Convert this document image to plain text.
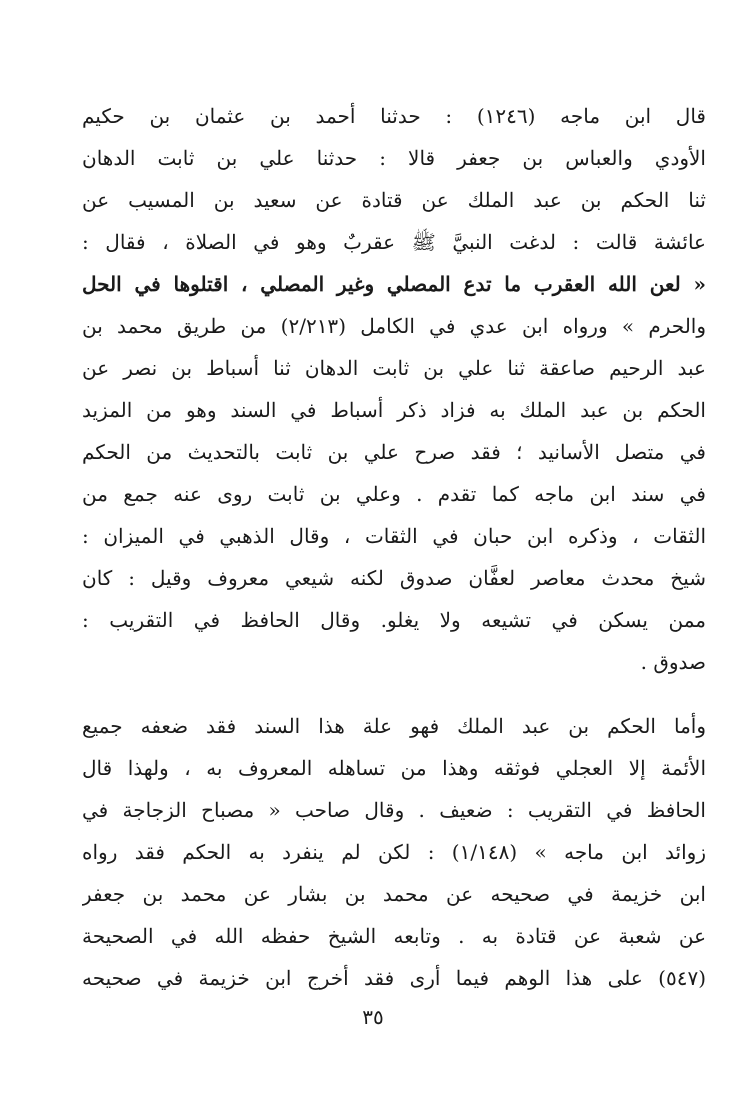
قال ابن ماجه (١٢٤٦) : حدثنا أحمد بن عثمان بن حكيم
الأودي والعباس بن جعفر قالا : حدثنا علي بن ثابت الدهان
ثنا الحكم بن عبد الملك عن قتادة عن سعيد بن المسيب عن
عائشة قالت : لدغت النبيَّ ﷺ عقربٌ وهو في الصلاة ، فقال :
« لعن الله العقرب ما تدع المصلي وغير المصلي ، اقتلوها في الحل
والحرم » ورواه ابن عدي في الكامل (٢/٢١٣) من طريق محمد بن
عبد الرحيم صاعقة ثنا علي بن ثابت الدهان ثنا أسباط بن نصر عن
الحكم بن عبد الملك به فزاد ذكر أسباط في السند وهو من المزيد
في متصل الأسانيد ؛ فقد صرح علي بن ثابت بالتحديث من الحكم
في سند ابن ماجه كما تقدم . وعلي بن ثابت روى عنه جمع من
الثقات ، وذكره ابن حبان في الثقات ، وقال الذهبي في الميزان :
شيخ محدث معاصر لعفَّان صدوق لكنه شيعي معروف وقيل : كان
ممن يسكن في تشيعه ولا يغلو. وقال الحافظ في التقريب :
صدوق .
وأما الحكم بن عبد الملك فهو علة هذا السند فقد ضعفه جميع
الأئمة إلا العجلي فوثقه وهذا من تساهله المعروف به ، ولهذا قال
الحافظ في التقريب : ضعيف . وقال صاحب « مصباح الزجاجة في
زوائد ابن ماجه » (١/١٤٨) : لكن لم ينفرد به الحكم فقد رواه
ابن خزيمة في صحيحه عن محمد بن بشار عن محمد بن جعفر
عن شعبة عن قتادة به . وتابعه الشيخ حفظه الله في الصحيحة
(٥٤٧) على هذا الوهم فيما أرى فقد أخرج ابن خزيمة في صحيحه
٣٥
